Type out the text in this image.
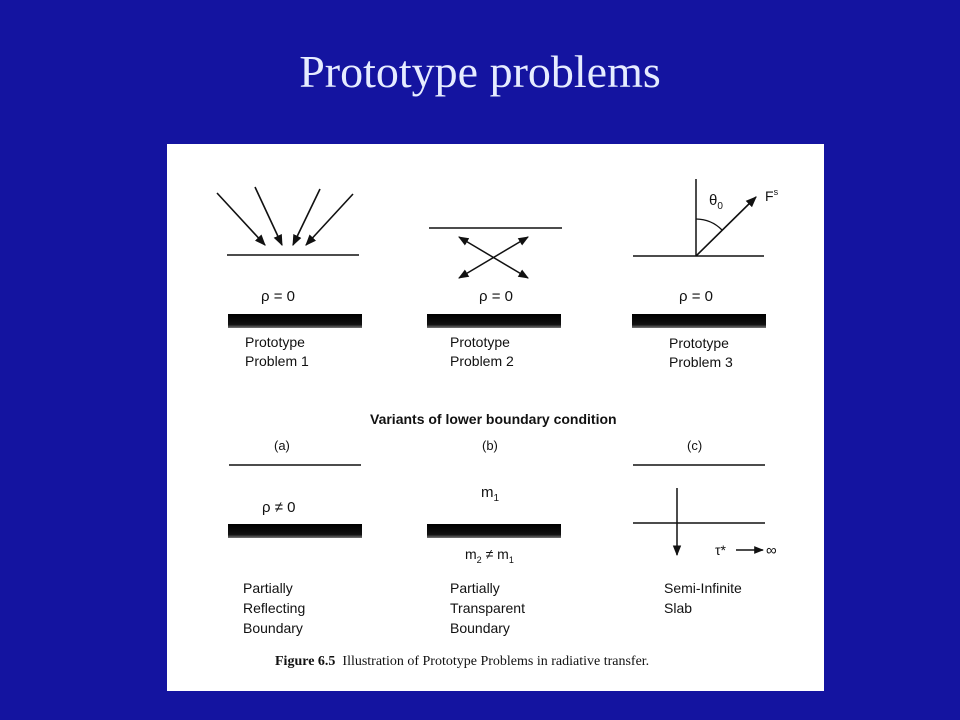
Prototype problems
ρ = 0
Prototype
Problem 1
ρ = 0
Prototype
Problem 2
$\theta_0$
$F^s$
ρ = 0
Prototype
Problem 3
Variants of lower boundary condition
(a)
ρ ≠ 0
Partially
Reflecting
Boundary
(b)
$m_1$
$m_2 \ne m_1$
Partially
Transparent
Boundary
(c)
τ*	∞
Semi-Infinite
Slab
Figure 6.5  Illustration of Prototype Problems in radiative transfer.
